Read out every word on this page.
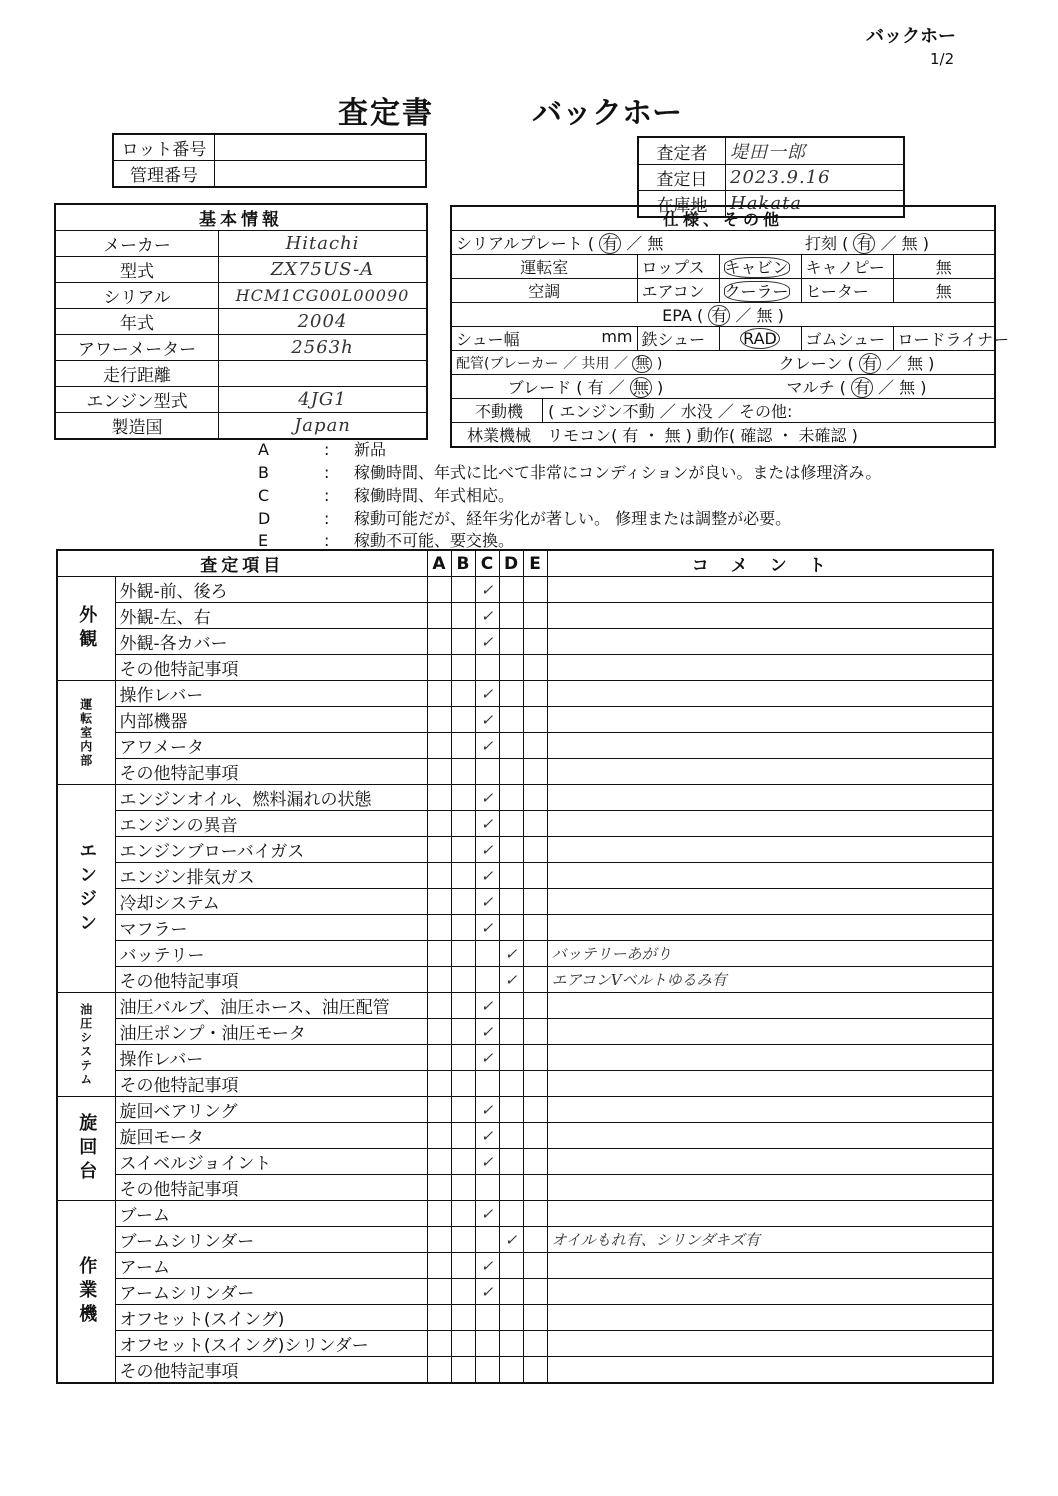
バックホー
1/2
査定書	バックホー
ロット番号	
管理番号	
査定者	堤田一郎
査定日	2023.9.16
在庫地	Hakata
基本情報	
メーカー	Hitachi
型式	ZX75US-A
シリアル	HCM1CG00L00090
年式	2004
アワーメーター	2563h
走行距離	
エンジン型式	4JG1
製造国	Japan
仕様、その他				
シリアルプレート ( 有 ／ 無			打刻 ( 有 ／ 無 )	
運転室	ロップス	キャビン	キャノピー	無
空調	エアコン	クーラー	ヒーター	無
EPA ( 有 ／ 無 )				
シュー幅 mm	鉄シュー	RAD	ゴムシュー	ロードライナー
配管(ブレーカー ／ 共用 ／ 無 )		クレーン ( 有 ／ 無 )		
ブレード ( 有 ／ 無 )		マルチ ( 有 ／ 無 )		
不動機 ( エンジン不動 ／ 水没 ／ その他:				
林業機械 リモコン( 有 ・ 無 ) 動作( 確認 ・ 未確認 )				
A	: 新品
B	: 稼働時間、年式に比べて非常にコンディションが良い。または修理済み。
C	: 稼働時間、年式相応。
D	: 稼動可能だが、経年劣化が著しい。 修理または調整が必要。
E	: 稼動不可能、要交換。
査定項目		A	B	C	D	E	コメント
外観	外観-前、後ろ			✓			
	外観-左、右			✓			
	外観-各カバー			✓			
	その他特記事項						
運転室内部	操作レバー			✓			
	内部機器			✓			
	アワメータ			✓			
	その他特記事項						
エンジン	エンジンオイル、燃料漏れの状態			✓			
	エンジンの異音			✓			
	エンジンブローバイガス			✓			
	エンジン排気ガス			✓			
	冷却システム			✓			
	マフラー			✓			
	バッテリー				✓		バッテリーあがり
	その他特記事項				✓		エアコンVベルトゆるみ有
油圧システム	油圧バルブ、油圧ホース、油圧配管			✓			
	油圧ポンプ・油圧モータ			✓			
	操作レバー			✓			
	その他特記事項						
旋回台	旋回ベアリング			✓			
	旋回モータ			✓			
	スイベルジョイント			✓			
	その他特記事項						
作業機	ブーム			✓			
	ブームシリンダー				✓		オイルもれ有、シリンダキズ有
	アーム			✓			
	アームシリンダー			✓			
	オフセット(スイング)						
	オフセット(スイング)シリンダー						
	その他特記事項						
